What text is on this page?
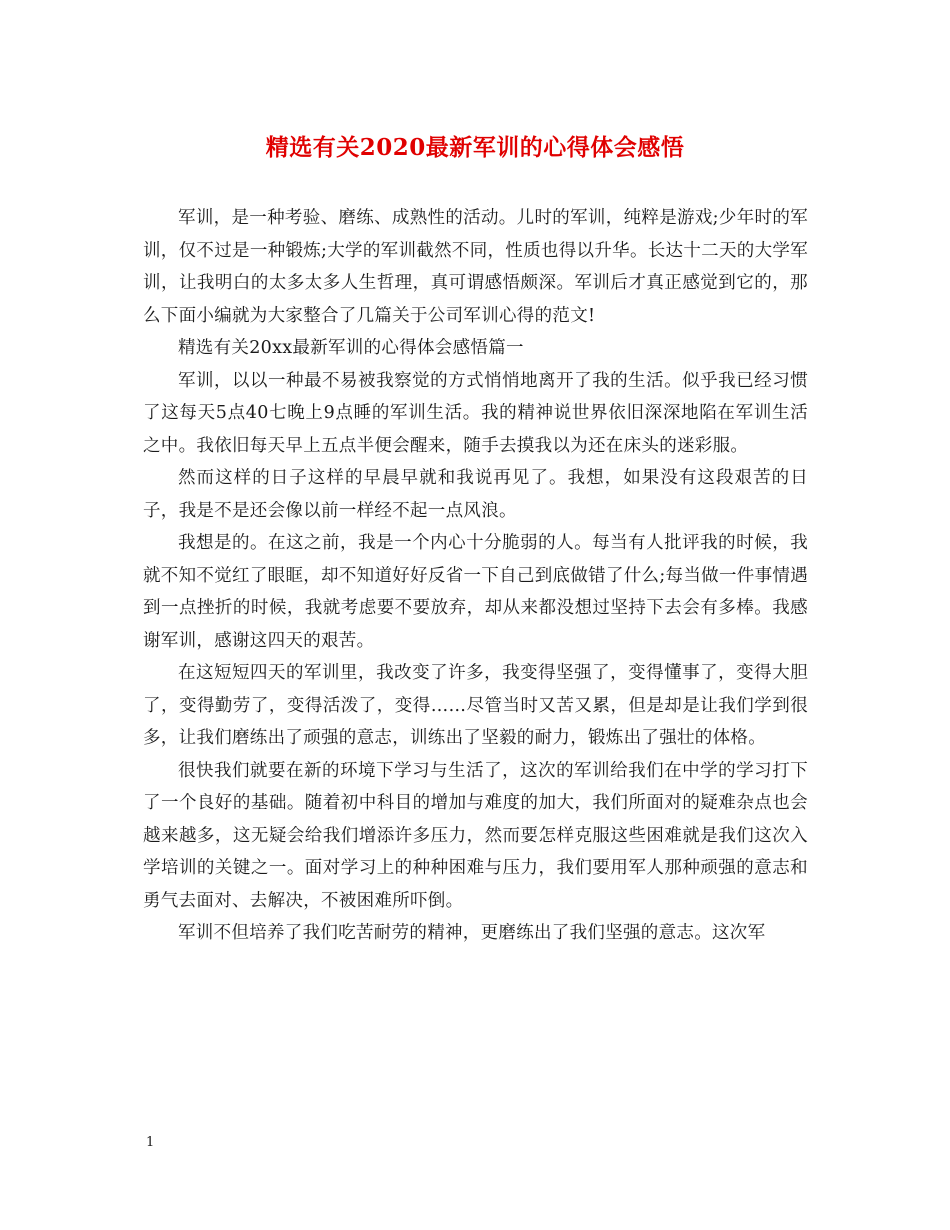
精选有关2020最新军训的心得体会感悟

军训，是一种考验、磨练、成熟性的活动。儿时的军训，纯粹是游戏;少年时的军训，仅不过是一种锻炼;大学的军训截然不同，性质也得以升华。长达十二天的大学军训，让我明白的太多太多人生哲理，真可谓感悟颇深。军训后才真正感觉到它的，那么下面小编就为大家整合了几篇关于公司军训心得的范文!

精选有关20xx最新军训的心得体会感悟篇一

军训，以以一种最不易被我察觉的方式悄悄地离开了我的生活。似乎我已经习惯了这每天5点40七晚上9点睡的军训生活。我的精神说世界依旧深深地陷在军训生活之中。我依旧每天早上五点半便会醒来，随手去摸我以为还在床头的迷彩服。

然而这样的日子这样的早晨早就和我说再见了。我想，如果没有这段艰苦的日子，我是不是还会像以前一样经不起一点风浪。

我想是的。在这之前，我是一个内心十分脆弱的人。每当有人批评我的时候，我就不知不觉红了眼眶，却不知道好好反省一下自己到底做错了什么;每当做一件事情遇到一点挫折的时候，我就考虑要不要放弃，却从来都没想过坚持下去会有多棒。我感谢军训，感谢这四天的艰苦。

在这短短四天的军训里，我改变了许多，我变得坚强了，变得懂事了，变得大胆了，变得勤劳了，变得活泼了，变得……尽管当时又苦又累，但是却是让我们学到很多，让我们磨练出了顽强的意志，训练出了坚毅的耐力，锻炼出了强壮的体格。

很快我们就要在新的环境下学习与生活了，这次的军训给我们在中学的学习打下了一个良好的基础。随着初中科目的增加与难度的加大，我们所面对的疑难杂点也会越来越多，这无疑会给我们增添许多压力，然而要怎样克服这些困难就是我们这次入学培训的关键之一。面对学习上的种种困难与压力，我们要用军人那种顽强的意志和勇气去面对、去解决，不被困难所吓倒。

军训不但培养了我们吃苦耐劳的精神，更磨练出了我们坚强的意志。这次军

1
